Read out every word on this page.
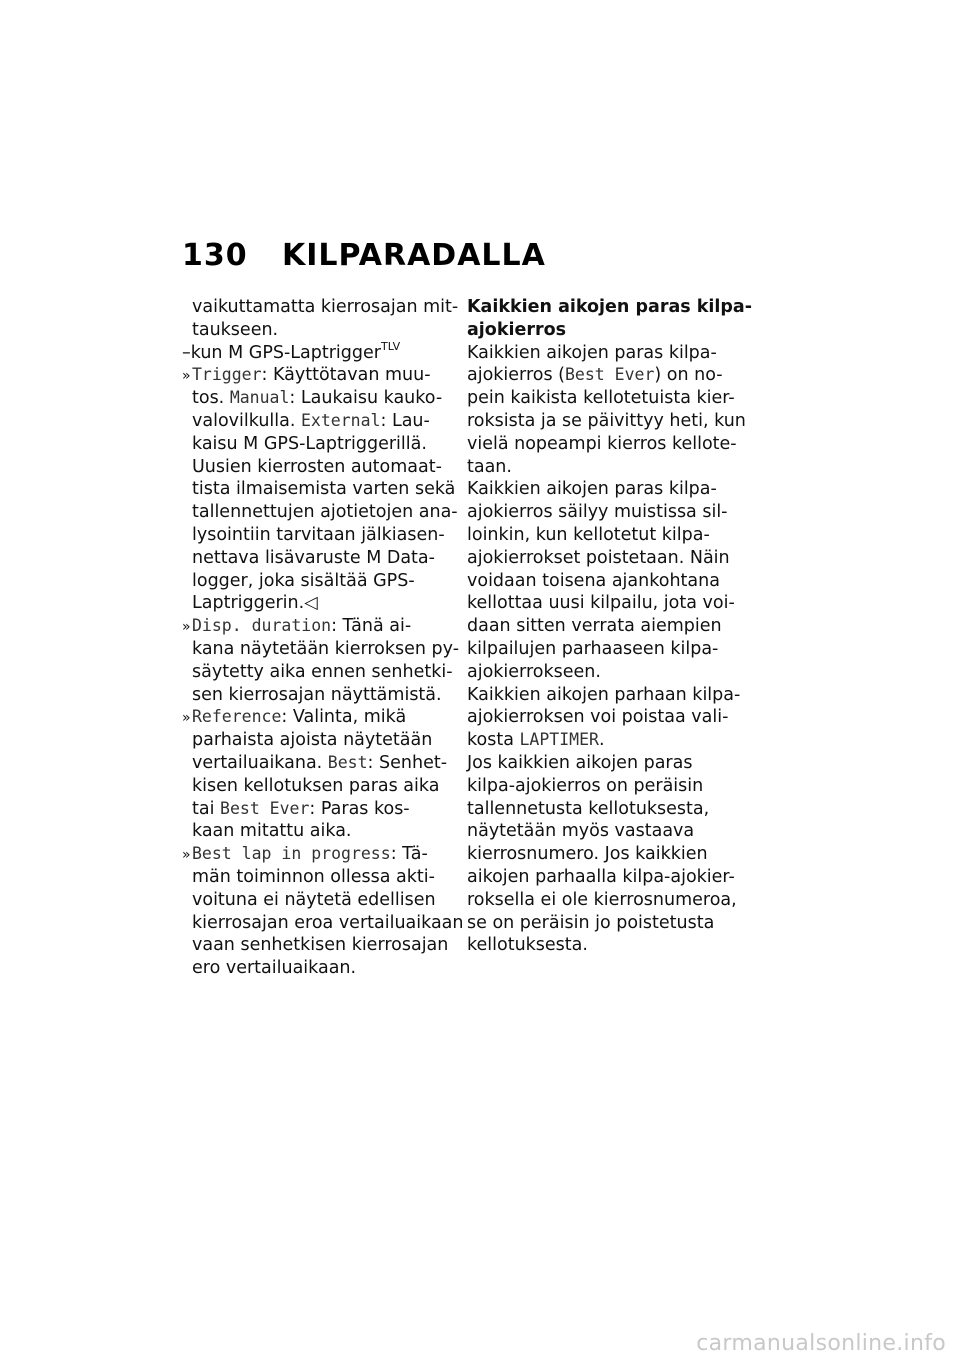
130	KILPARADALLA
vaikuttamatta kierrosajan mit-
taukseen.
–kun M GPS-Laptrigger$^{TLV}$
»Trigger: Käyttötavan muu-
tos. Manual: Laukaisu kauko-
valovilkulla. External: Lau-
kaisu M GPS-Laptriggerillä.
Uusien kierrosten automaat-
tista ilmaisemista varten sekä
tallennettujen ajotietojen ana-
lysointiin tarvitaan jälkiasen-
nettava lisävaruste M Data-
logger, joka sisältää GPS-
Laptriggerin.◁
»Disp. duration: Tänä ai-
kana näytetään kierroksen py-
säytetty aika ennen senhetki-
sen kierrosajan näyttämistä.
»Reference: Valinta, mikä
parhaista ajoista näytetään
vertailuaikana. Best: Senhet-
kisen kellotuksen paras aika
tai Best Ever: Paras kos-
kaan mitattu aika.
»Best lap in progress: Tä-
män toiminnon ollessa akti-
voituna ei näytetä edellisen
kierrosajan eroa vertailuaikaan
vaan senhetkisen kierrosajan
ero vertailuaikaan.
Kaikkien aikojen paras kilpa-
ajokierros
Kaikkien aikojen paras kilpa-
ajokierros (Best Ever) on no-
pein kaikista kellotetuista kier-
roksista ja se päivittyy heti, kun
vielä nopeampi kierros kellote-
taan.
Kaikkien aikojen paras kilpa-
ajokierros säilyy muistissa sil-
loinkin, kun kellotetut kilpa-
ajokierrokset poistetaan. Näin
voidaan toisena ajankohtana
kellottaa uusi kilpailu, jota voi-
daan sitten verrata aiempien
kilpailujen parhaaseen kilpa-
ajokierrokseen.
Kaikkien aikojen parhaan kilpa-
ajokierroksen voi poistaa vali-
kosta LAPTIMER.
Jos kaikkien aikojen paras
kilpa-ajokierros on peräisin
tallennetusta kellotuksesta,
näytetään myös vastaava
kierrosnumero. Jos kaikkien
aikojen parhaalla kilpa-ajokier-
roksella ei ole kierrosnumeroa,
se on peräisin jo poistetusta
kellotuksesta.
carmanualsonline.info
